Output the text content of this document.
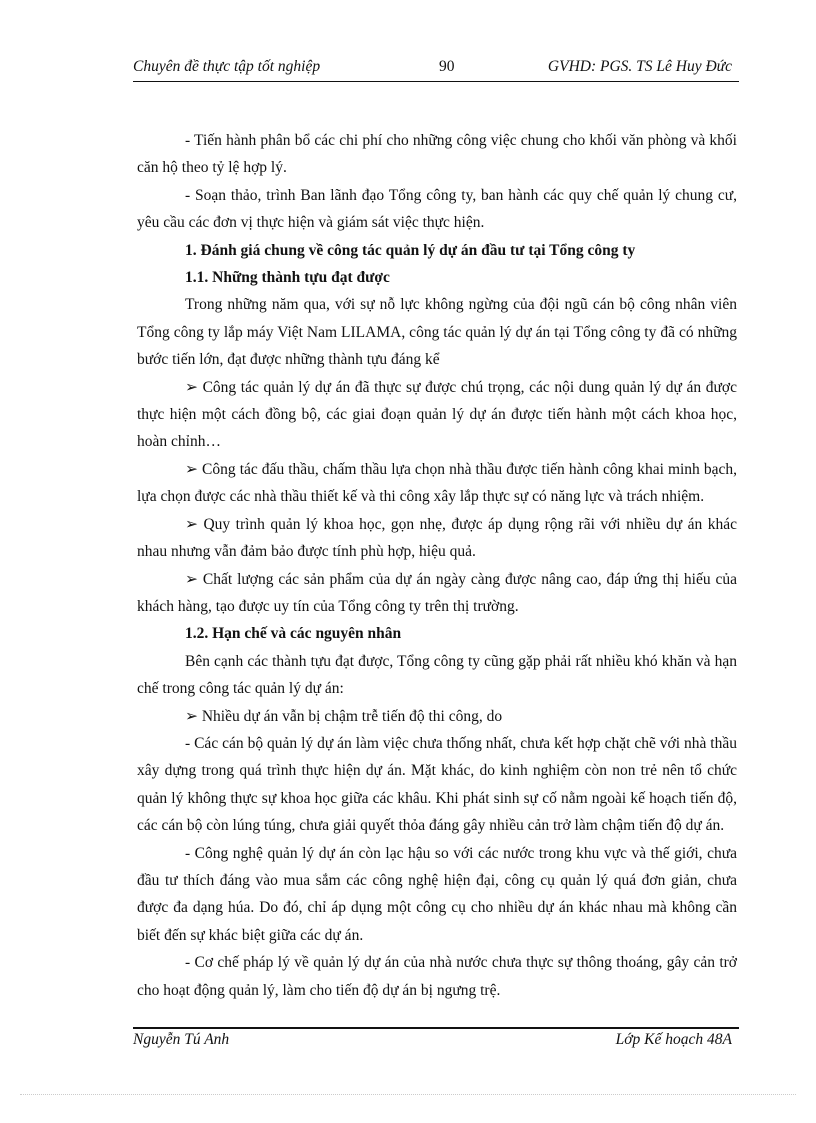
Chuyên đề thực tập tốt nghiệp	90	GVHD: PGS. TS Lê Huy Đức

- Tiến hành phân bổ các chi phí cho những công việc chung cho khối văn phòng và khối căn hộ theo tỷ lệ hợp lý.

- Soạn thảo, trình Ban lãnh đạo Tổng công ty, ban hành các quy chế quản lý chung cư, yêu cầu các đơn vị thực hiện và giám sát việc thực hiện.

1. Đánh giá chung về công tác quản lý dự án đầu tư tại Tổng công ty

1.1. Những thành tựu đạt được

Trong những năm qua, với sự nỗ lực không ngừng của đội ngũ cán bộ công nhân viên Tổng công ty lắp máy Việt Nam LILAMA, công tác quản lý dự án tại Tổng công ty đã có những bước tiến lớn, đạt được những thành tựu đáng kể

➢ Công tác quản lý dự án đã thực sự được chú trọng, các nội dung quản lý dự án được thực hiện một cách đồng bộ, các giai đoạn quản lý dự án được tiến hành một cách khoa học, hoàn chỉnh…

➢ Công tác đấu thầu, chấm thầu lựa chọn nhà thầu được tiến hành công khai minh bạch, lựa chọn được các nhà thầu thiết kế và thi công xây lắp thực sự có năng lực và trách nhiệm.

➢ Quy trình quản lý khoa học, gọn nhẹ, được áp dụng rộng rãi với nhiều dự án khác nhau nhưng vẫn đảm bảo được tính phù hợp, hiệu quả.

➢ Chất lượng các sản phẩm của dự án ngày càng được nâng cao, đáp ứng thị hiếu của khách hàng, tạo được uy tín của Tổng công ty trên thị trường.

1.2. Hạn chế và các nguyên nhân

Bên cạnh các thành tựu đạt được, Tổng công ty cũng gặp phải rất nhiều khó khăn và hạn chế trong công tác quản lý dự án:

➢ Nhiều dự án vẫn bị chậm trễ tiến độ thi công, do

- Các cán bộ quản lý dự án làm việc chưa thống nhất, chưa kết hợp chặt chẽ với nhà thầu xây dựng trong quá trình thực hiện dự án. Mặt khác, do kinh nghiệm còn non trẻ nên tổ chức quản lý không thực sự khoa học giữa các khâu. Khi phát sinh sự cố nằm ngoài kế hoạch tiến độ, các cán bộ còn lúng túng, chưa giải quyết thỏa đáng gây nhiều cản trở làm chậm tiến độ dự án.

- Công nghệ quản lý dự án còn lạc hậu so với các nước trong khu vực và thế giới, chưa đầu tư thích đáng vào mua sắm các công nghệ hiện đại, công cụ quản lý quá đơn giản, chưa được đa dạng húa. Do đó, chỉ áp dụng một công cụ cho nhiều dự án khác nhau mà không cần biết đến sự khác biệt giữa các dự án.

- Cơ chế pháp lý về quản lý dự án của nhà nước chưa thực sự thông thoáng, gây cản trở cho hoạt động quản lý, làm cho tiến độ dự án bị ngưng trệ.

Nguyễn Tú Anh	Lớp Kế hoạch 48A
